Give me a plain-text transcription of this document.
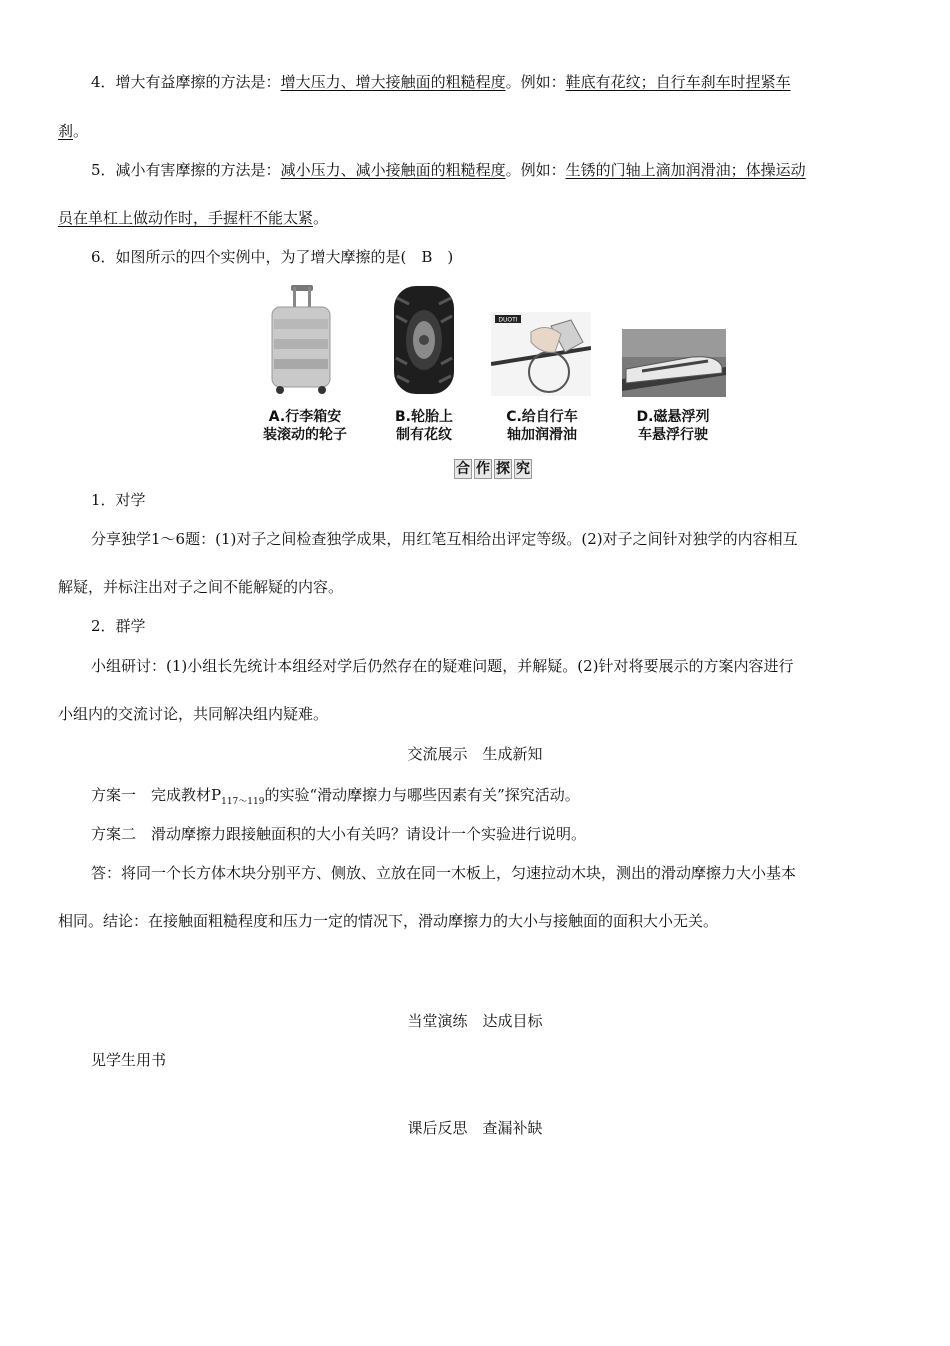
4．增大有益摩擦的方法是：增大压力、增大接触面的粗糙程度。例如：鞋底有花纹；自行车刹车时捏紧车
刹。
5．减小有害摩擦的方法是：减小压力、减小接触面的粗糙程度。例如：生锈的门轴上滴加润滑油；体操运动
员在单杠上做动作时，手握杆不能太紧。
6．如图所示的四个实例中，为了增大摩擦的是(　B　)
DUOTI
A.行李箱安
装滚动的轮子
B.轮胎上
制有花纹
C.给自行车
轴加润滑油
D.磁悬浮列
车悬浮行驶
合 作 探 究
1．对学
分享独学1～6题：(1)对子之间检查独学成果，用红笔互相给出评定等级。(2)对子之间针对独学的内容相互
解疑，并标注出对子之间不能解疑的内容。
2．群学
小组研讨：(1)小组长先统计本组经对学后仍然存在的疑难问题，并解疑。(2)针对将要展示的方案内容进行
小组内的交流讨论，共同解决组内疑难。
交流展示　生成新知
方案一　完成教材$P_{117\sim 119}$的实验“滑动摩擦力与哪些因素有关”探究活动。
方案二　滑动摩擦力跟接触面积的大小有关吗？请设计一个实验进行说明。
答：将同一个长方体木块分别平方、侧放、立放在同一木板上，匀速拉动木块，测出的滑动摩擦力大小基本
相同。结论：在接触面粗糙程度和压力一定的情况下，滑动摩擦力的大小与接触面的面积大小无关。
当堂演练　达成目标
见学生用书
课后反思　查漏补缺
